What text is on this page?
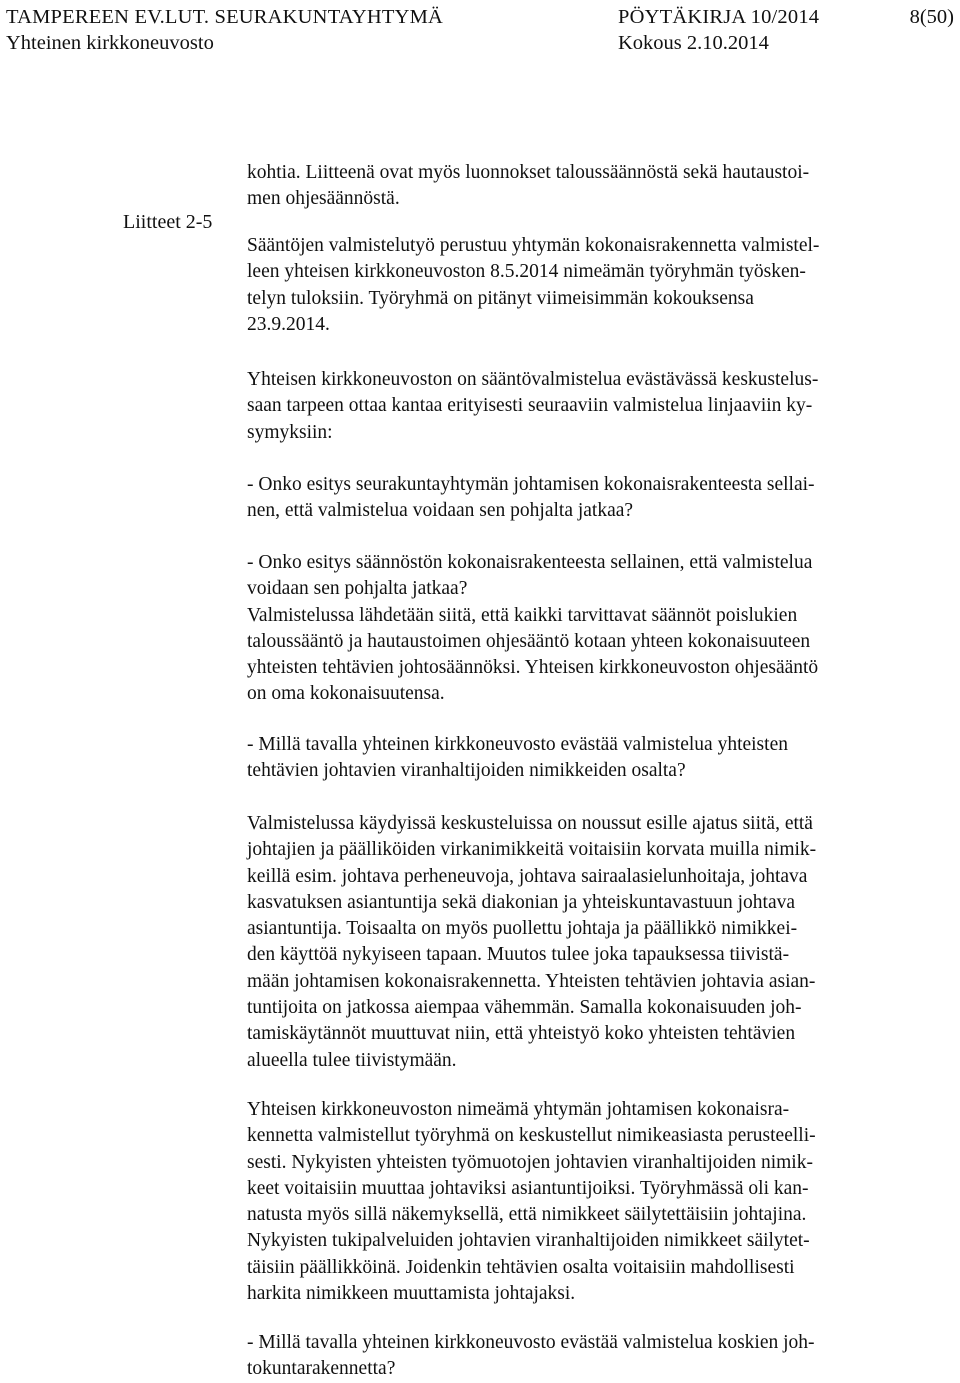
TAMPEREEN EV.LUT. SEURAKUNTAYHTYMÄ	PÖYTÄKIRJA 10/2014	8(50)
Yhteinen kirkkoneuvosto	Kokous 2.10.2014
Liitteet 2-5
kohtia. Liitteenä ovat myös luonnokset taloussäännöstä sekä hautaustoi-
men ohjesäännöstä.
Sääntöjen valmistelutyö perustuu yhtymän kokonaisrakennetta valmistel-
leen yhteisen kirkkoneuvoston 8.5.2014 nimeämän työryhmän työsken-
telyn tuloksiin. Työryhmä on pitänyt viimeisimmän kokouksensa
23.9.2014.
Yhteisen kirkkoneuvoston on sääntövalmistelua evästävässä keskustelus-
saan tarpeen ottaa kantaa erityisesti seuraaviin valmistelua linjaaviin ky-
symyksiin:
- Onko esitys seurakuntayhtymän johtamisen kokonaisrakenteesta sellai-
nen, että valmistelua voidaan sen pohjalta jatkaa?
- Onko esitys säännöstön kokonaisrakenteesta sellainen, että valmistelua
voidaan sen pohjalta jatkaa?
Valmistelussa lähdetään siitä, että kaikki tarvittavat säännöt poislukien
taloussääntö ja hautaustoimen ohjesääntö kotaan yhteen kokonaisuuteen
yhteisten tehtävien johtosäännöksi. Yhteisen kirkkoneuvoston ohjesääntö
on oma kokonaisuutensa.
- Millä tavalla yhteinen kirkkoneuvosto evästää valmistelua yhteisten
tehtävien johtavien viranhaltijoiden nimikkeiden osalta?
Valmistelussa käydyissä keskusteluissa on noussut esille ajatus siitä, että
johtajien ja päälliköiden virkanimikkeitä voitaisiin korvata muilla nimik-
keillä esim. johtava perheneuvoja, johtava sairaalasielunhoitaja, johtava
kasvatuksen asiantuntija sekä diakonian ja yhteiskuntavastuun johtava
asiantuntija. Toisaalta on myös puollettu johtaja ja päällikkö nimikkei-
den käyttöä nykyiseen tapaan. Muutos tulee joka tapauksessa tiivistä-
mään johtamisen kokonaisrakennetta. Yhteisten tehtävien johtavia asian-
tuntijoita on jatkossa aiempaa vähemmän. Samalla kokonaisuuden joh-
tamiskäytännöt muuttuvat niin, että yhteistyö koko yhteisten tehtävien
alueella tulee tiivistymään.
Yhteisen kirkkoneuvoston nimeämä yhtymän johtamisen kokonaisra-
kennetta valmistellut työryhmä on keskustellut nimikeasiasta perusteelli-
sesti. Nykyisten yhteisten työmuotojen johtavien viranhaltijoiden nimik-
keet voitaisiin muuttaa johtaviksi asiantuntijoiksi. Työryhmässä oli kan-
natusta myös sillä näkemyksellä, että nimikkeet säilytettäisiin johtajina.
Nykyisten tukipalveluiden johtavien viranhaltijoiden nimikkeet säilytet-
täisiin päällikköinä. Joidenkin tehtävien osalta voitaisiin mahdollisesti
harkita nimikkeen muuttamista johtajaksi.
- Millä tavalla yhteinen kirkkoneuvosto evästää valmistelua koskien joh-
tokuntarakennetta?
